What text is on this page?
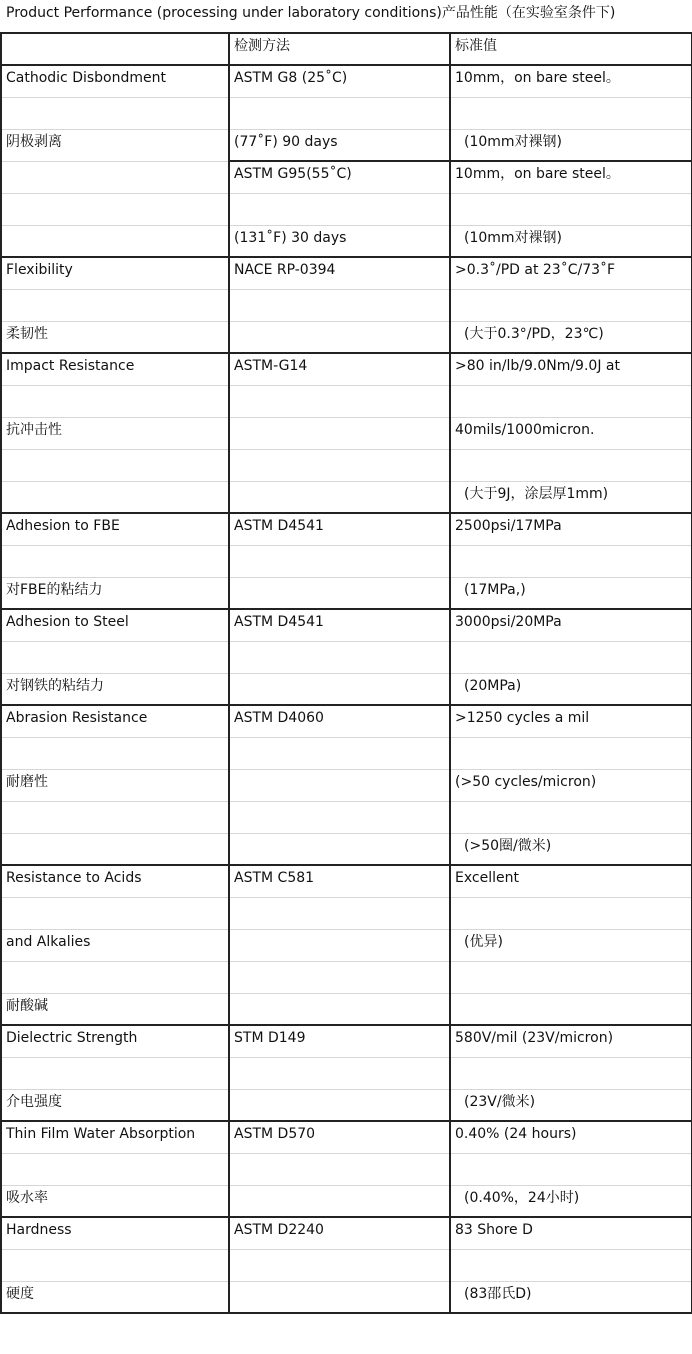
Product Performance (processing under laboratory conditions)产品性能（在实验室条件下)

	检测方法	标准值

Cathodic Disbondment	ASTM G8 (25˚C)	10mm，on bare steel。

阴极剥离	(77˚F) 90 days	(10mm对裸钢)

	ASTM G95(55˚C)	10mm，on bare steel。

	(131˚F) 30 days	(10mm对裸钢)

Flexibility	NACE RP-0394	>0.3˚/PD at 23˚C/73˚F

柔韧性		(大于0.3°/PD，23℃)

Impact Resistance	ASTM-G14	>80 in/lb/9.0Nm/9.0J at

抗冲击性		40mils/1000micron.

		(大于9J，涂层厚1mm)

Adhesion to FBE	ASTM D4541	2500psi/17MPa

对FBE的粘结力		(17MPa,)

Adhesion to Steel	ASTM D4541	3000psi/20MPa

对钢铁的粘结力		(20MPa)

Abrasion Resistance	ASTM D4060	>1250 cycles a mil

耐磨性		(>50 cycles/micron)

		(>50圈/微米)

Resistance to Acids	ASTM C581	Excellent

and Alkalies		(优异)

耐酸碱		

Dielectric Strength	STM D149	580V/mil (23V/micron)

介电强度		(23V/微米)

Thin Film Water Absorption	ASTM D570	0.40% (24 hours)

吸水率		(0.40%，24小时)

Hardness	ASTM D2240	83 Shore D

硬度		(83邵氏D)
